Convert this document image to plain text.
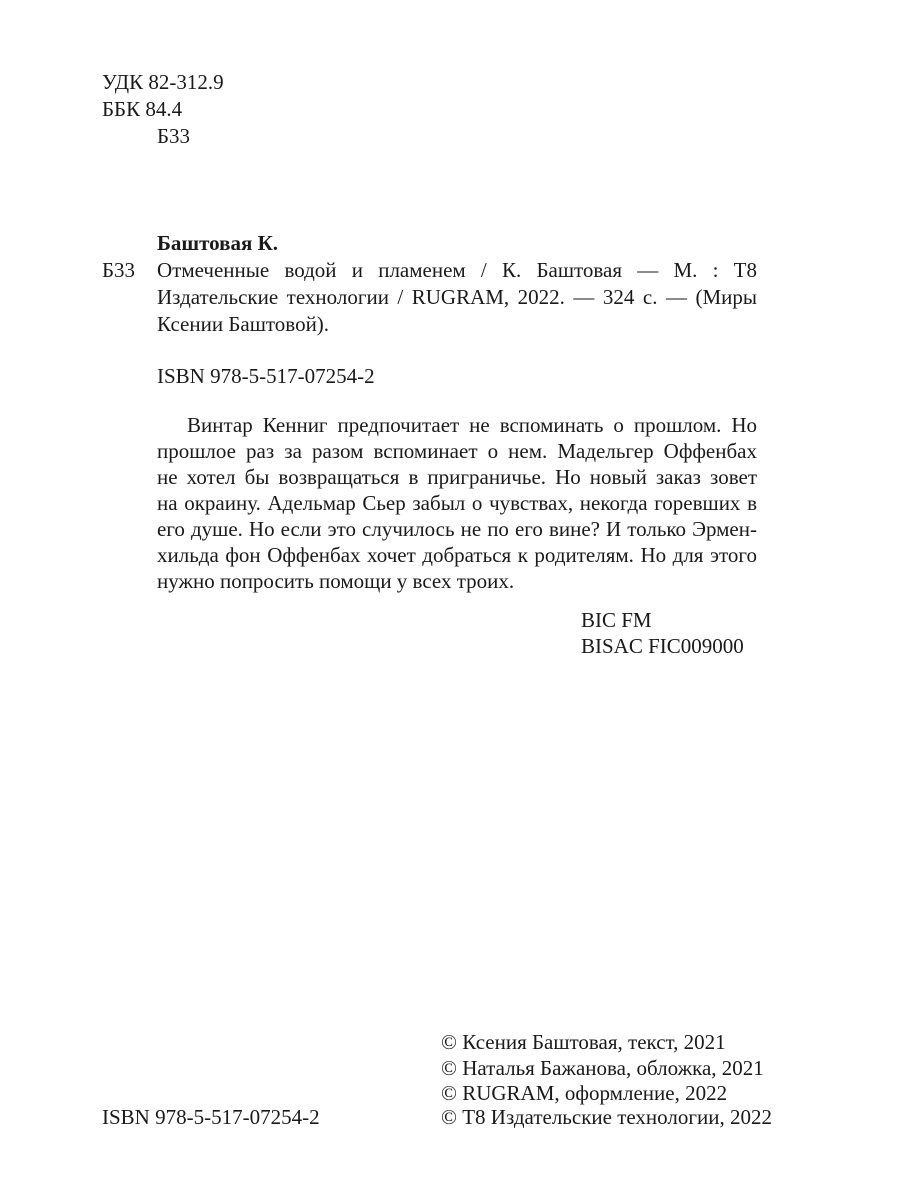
УДК 82-312.9
ББК 84.4
Б33
Баштовая К.
Б33 Отмеченные водой и пламенем / К. Баштовая — М. : Т8
Издательские технологии / RUGRAM, 2022. — 324 с. — (Миры
Ксении Баштовой).
ISBN 978-5-517-07254-2
Винтар Кенниг предпочитает не вспоминать о прошлом. Но
прошлое раз за разом вспоминает о нем. Мадельгер Оффенбах
не хотел бы возвращаться в приграничье. Но новый заказ зовет
на окраину. Адельмар Сьер забыл о чувствах, некогда горевших в
его душе. Но если это случилось не по его вине? И только Эрмен-
хильда фон Оффенбах хочет добраться к родителям. Но для этого
нужно попросить помощи у всех троих.
BIC FM
BISAC FIC009000
© Ксения Баштовая, текст, 2021
© Наталья Бажанова, обложка, 2021
© RUGRAM, оформление, 2022
© Т8 Издательские технологии, 2022
ISBN 978-5-517-07254-2
